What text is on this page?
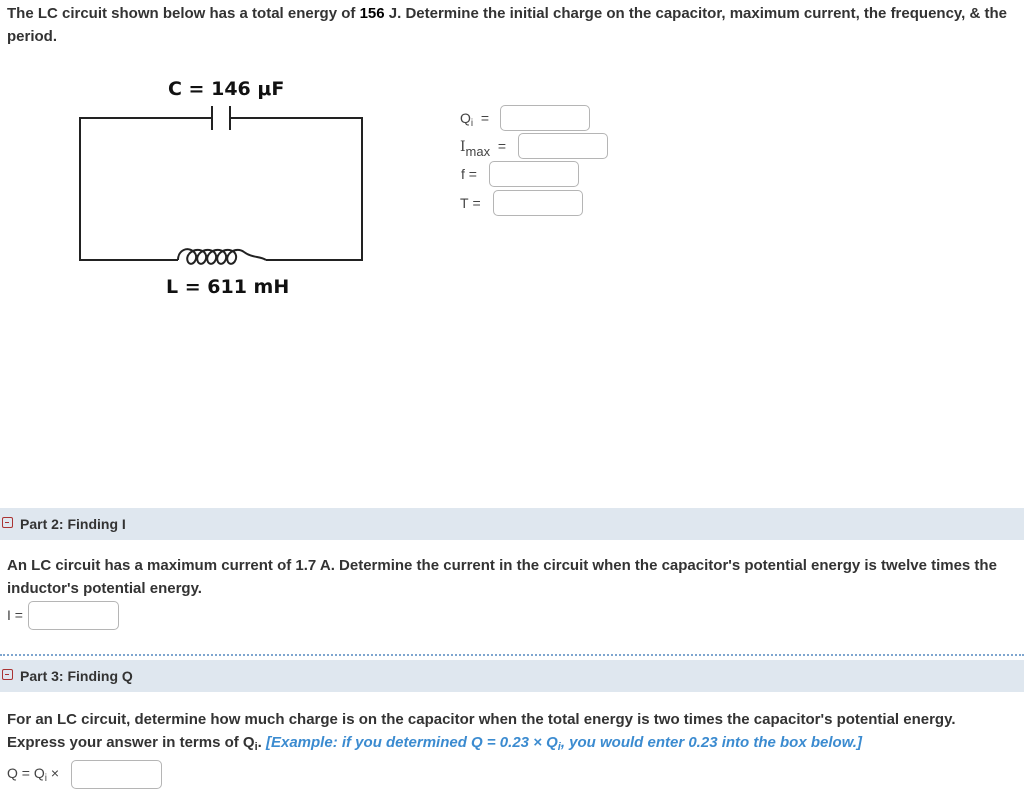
The LC circuit shown below has a total energy of 156 J. Determine the initial charge on the capacitor, maximum current, the frequency, & the period.
C = 146 μF
L = 611 mH
$Q_i$ =
Imax =
f =
T =
Part 2: Finding I
An LC circuit has a maximum current of 1.7 A. Determine the current in the circuit when the capacitor's potential energy is twelve times the inductor's potential energy.
I =
Part 3: Finding Q
For an LC circuit, determine how much charge is on the capacitor when the total energy is two times the capacitor's potential energy.
Express your answer in terms of $Q_i$. [Example: if you determined $Q = 0.23 \times Q_i$, you would enter 0.23 into the box below.]
$Q = Q_i$ ×
